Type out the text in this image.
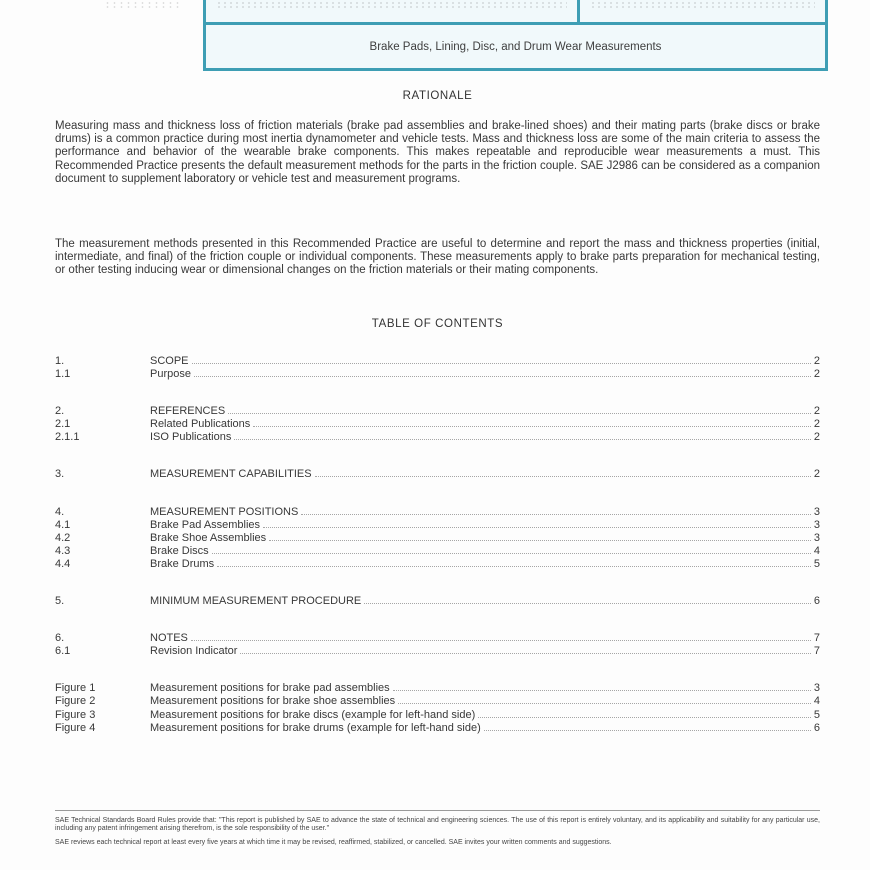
Brake Pads, Lining, Disc, and Drum Wear Measurements
RATIONALE

Measuring mass and thickness loss of friction materials (brake pad assemblies and brake-lined shoes) and their mating parts (brake discs or brake drums) is a common practice during most inertia dynamometer and vehicle tests. Mass and thickness loss are some of the main criteria to assess the performance and behavior of the wearable brake components. This makes repeatable and reproducible wear measurements a must. This Recommended Practice presents the default measurement methods for the parts in the friction couple. SAE J2986 can be considered as a companion document to supplement laboratory or vehicle test and measurement programs.

The measurement methods presented in this Recommended Practice are useful to determine and report the mass and thickness properties (initial, intermediate, and final) of the friction couple or individual components. These measurements apply to brake parts preparation for mechanical testing, or other testing inducing wear or dimensional changes on the friction materials or their mating components.

TABLE OF CONTENTS
1.	SCOPE	2
1.1	Purpose	2
2.	REFERENCES	2
2.1	Related Publications	2
2.1.1	ISO Publications	2
3.	MEASUREMENT CAPABILITIES	2
4.	MEASUREMENT POSITIONS	3
4.1	Brake Pad Assemblies	3
4.2	Brake Shoe Assemblies	3
4.3	Brake Discs	4
4.4	Brake Drums	5
5.	MINIMUM MEASUREMENT PROCEDURE	6
6.	NOTES	7
6.1	Revision Indicator	7
Figure 1	Measurement positions for brake pad assemblies	3
Figure 2	Measurement positions for brake shoe assemblies	4
Figure 3	Measurement positions for brake discs (example for left-hand side)	5
Figure 4	Measurement positions for brake drums (example for left-hand side)	6

SAE Technical Standards Board Rules provide that: "This report is published by SAE to advance the state of technical and engineering sciences. The use of this report is entirely voluntary, and its applicability and suitability for any particular use, including any patent infringement arising therefrom, is the sole responsibility of the user."

SAE reviews each technical report at least every five years at which time it may be revised, reaffirmed, stabilized, or cancelled. SAE invites your written comments and suggestions.
